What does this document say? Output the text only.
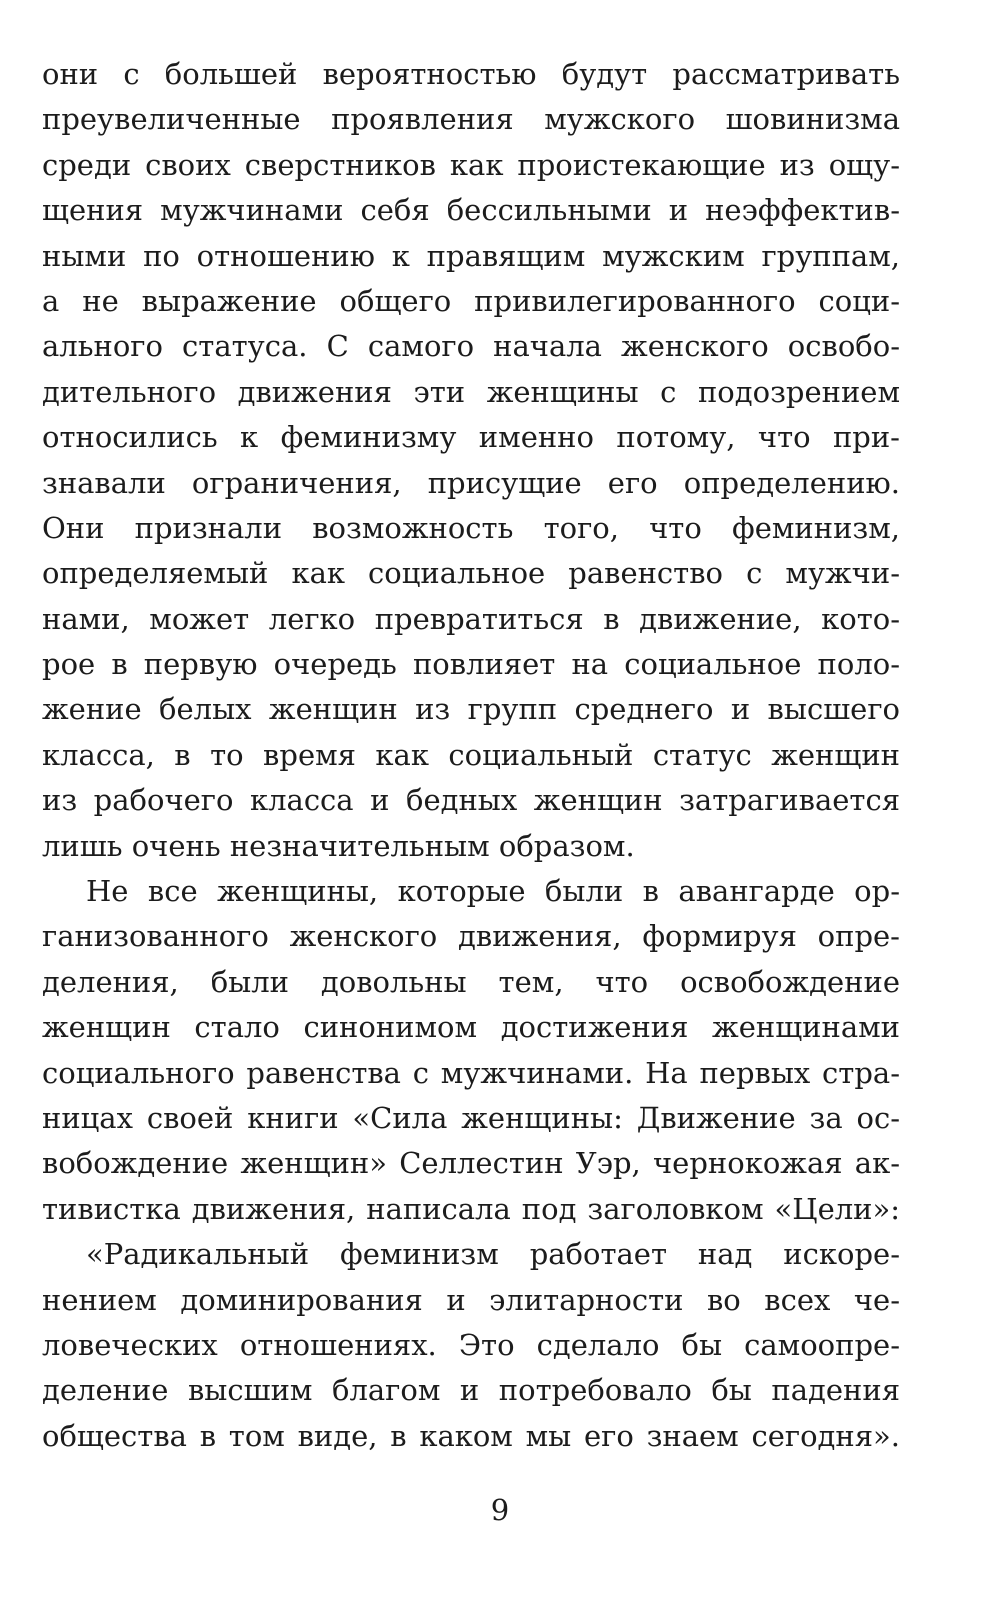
они с большей вероятностью будут рассматривать
преувеличенные проявления мужского шовинизма
среди своих сверстников как проистекающие из ощу-
щения мужчинами себя бессильными и неэффектив-
ными по отношению к правящим мужским группам,
а не выражение общего привилегированного соци-
ального статуса. С самого начала женского освобо-
дительного движения эти женщины с подозрением
относились к феминизму именно потому, что при-
знавали ограничения, присущие его определению.
Они признали возможность того, что феминизм,
определяемый как социальное равенство с мужчи-
нами, может легко превратиться в движение, кото-
рое в первую очередь повлияет на социальное поло-
жение белых женщин из групп среднего и высшего
класса, в то время как социальный статус женщин
из рабочего класса и бедных женщин затрагивается
лишь очень незначительным образом.

Не все женщины, которые были в авангарде ор-
ганизованного женского движения, формируя опре-
деления, были довольны тем, что освобождение
женщин стало синонимом достижения женщинами
социального равенства с мужчинами. На первых стра-
ницах своей книги «Сила женщины: Движение за ос-
вобождение женщин» Селлестин Уэр, чернокожая ак-
тивистка движения, написала под заголовком «Цели»:

«Радикальный феминизм работает над искоре-
нением доминирования и элитарности во всех че-
ловеческих отношениях. Это сделало бы самоопре-
деление высшим благом и потребовало бы падения
общества в том виде, в каком мы его знаем сегодня».

9
